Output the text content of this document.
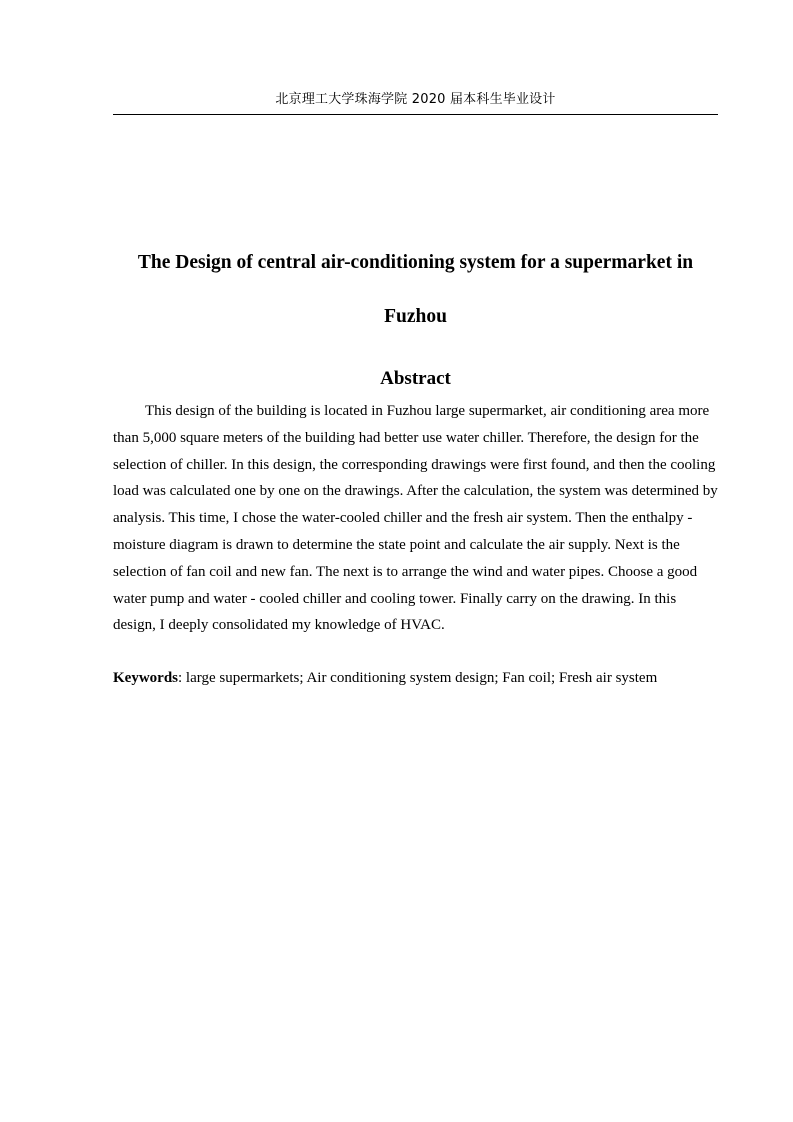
北京理工大学珠海学院 2020 届本科生毕业设计
The Design of central air-conditioning system for a supermarket in Fuzhou
Abstract

This design of the building is located in Fuzhou large supermarket, air conditioning area more than 5,000 square meters of the building had better use water chiller. Therefore, the design for the selection of chiller. In this design, the corresponding drawings were first found, and then the cooling load was calculated one by one on the drawings. After the calculation, the system was determined by analysis. This time, I chose the water-cooled chiller and the fresh air system. Then the enthalpy - moisture diagram is drawn to determine the state point and calculate the air supply. Next is the selection of fan coil and new fan. The next is to arrange the wind and water pipes. Choose a good water pump and water - cooled chiller and cooling tower. Finally carry on the drawing. In this design, I deeply consolidated my knowledge of HVAC.

Keywords: large supermarkets; Air conditioning system design; Fan coil; Fresh air system
